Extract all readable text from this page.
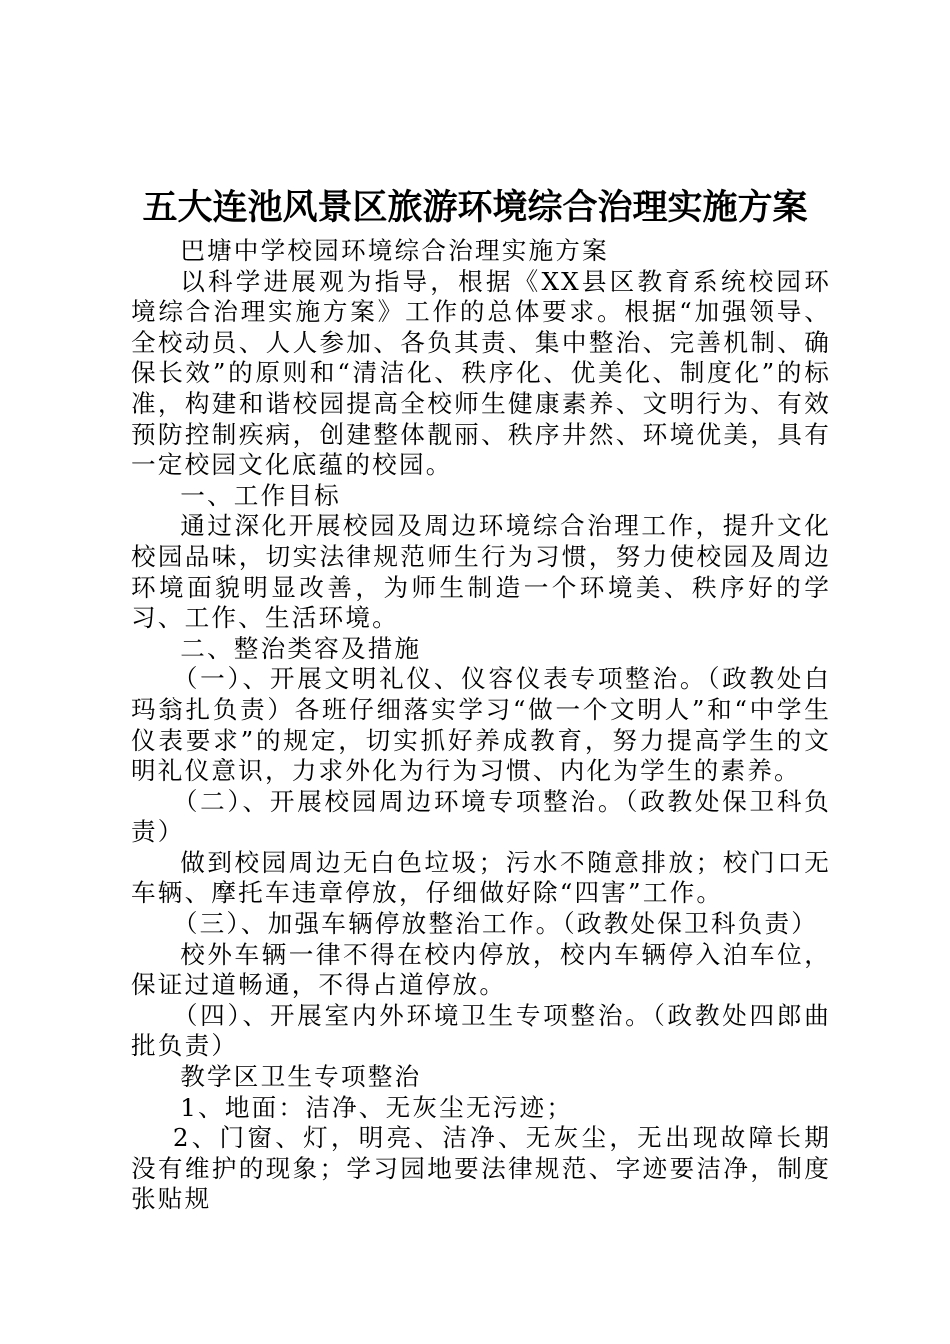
五大连池风景区旅游环境综合治理实施方案

巴塘中学校园环境综合治理实施方案

以科学进展观为指导，根据《XX县区教育系统校园环境综合治理实施方案》工作的总体要求。根据“加强领导、全校动员、人人参加、各负其责、集中整治、完善机制、确保长效”的原则和“清洁化、秩序化、优美化、制度化”的标准，构建和谐校园提高全校师生健康素养、文明行为、有效预防控制疾病，创建整体靓丽、秩序井然、环境优美，具有一定校园文化底蕴的校园。

一、工作目标

通过深化开展校园及周边环境综合治理工作，提升文化校园品味，切实法律规范师生行为习惯，努力使校园及周边环境面貌明显改善，为师生制造一个环境美、秩序好的学习、工作、生活环境。

二、整治类容及措施

（一）、开展文明礼仪、仪容仪表专项整治。（政教处白玛翁扎负责）各班仔细落实学习“做一个文明人”和“中学生仪表要求”的规定，切实抓好养成教育，努力提高学生的文明礼仪意识，力求外化为行为习惯、内化为学生的素养。

（二）、开展校园周边环境专项整治。（政教处保卫科负责）

做到校园周边无白色垃圾；污水不随意排放；校门口无车辆、摩托车违章停放，仔细做好除“四害”工作。

（三）、加强车辆停放整治工作。（政教处保卫科负责）

校外车辆一律不得在校内停放，校内车辆停入泊车位，保证过道畅通，不得占道停放。

（四）、开展室内外环境卫生专项整治。（政教处四郎曲批负责）

教学区卫生专项整治

1、地面：洁净、无灰尘无污迹；

2、门窗、灯，明亮、洁净、无灰尘，无出现故障长期没有维护的现象；学习园地要法律规范、字迹要洁净，制度张贴规
